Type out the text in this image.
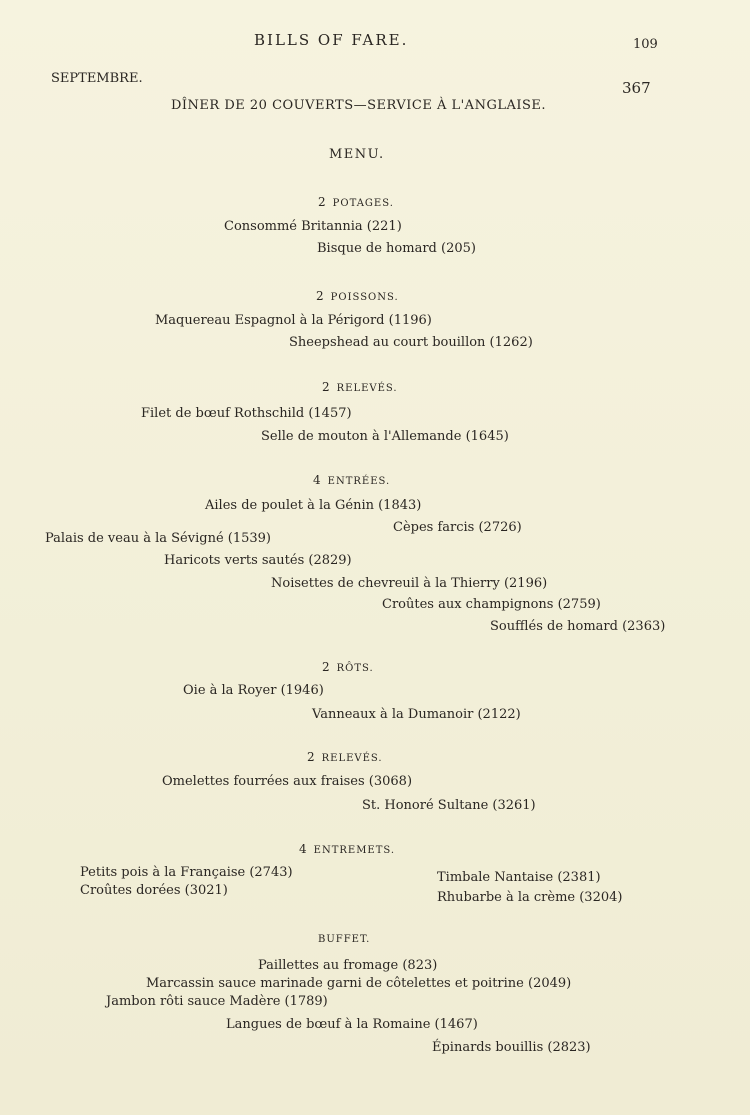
BILLS OF FARE.	109
SEPTEMBRE.
367
DÎNER DE 20 COUVERTS—SERVICE À L'ANGLAISE.
MENU.
2 POTAGES.
Consommé Britannia (221)
Bisque de homard (205)
2 POISSONS.
Maquereau Espagnol à la Périgord (1196)
Sheepshead au court bouillon (1262)
2 RELEVÉS.
Filet de bœuf Rothschild (1457)
Selle de mouton à l'Allemande (1645)
4 ENTRÉES.
Ailes de poulet à la Génin (1843)
Cèpes farcis (2726)
Palais de veau à la Sévigné (1539)
Haricots verts sautés (2829)
Noisettes de chevreuil à la Thierry (2196)
Croûtes aux champignons (2759)
Soufflés de homard (2363)
2 RÔTS.
Oie à la Royer (1946)
Vanneaux à la Dumanoir (2122)
2 RELEVÉS.
Omelettes fourrées aux fraises (3068)
St. Honoré Sultane (3261)
4 ENTREMETS.
Petits pois à la Française (2743)
Croûtes dorées (3021)
Timbale Nantaise (2381)
Rhubarbe à la crème (3204)
BUFFET.
Paillettes au fromage (823)
Marcassin sauce marinade garni de côtelettes et poitrine (2049)
Jambon rôti sauce Madère (1789)
Langues de bœuf à la Romaine (1467)
Épinards bouillis (2823)
